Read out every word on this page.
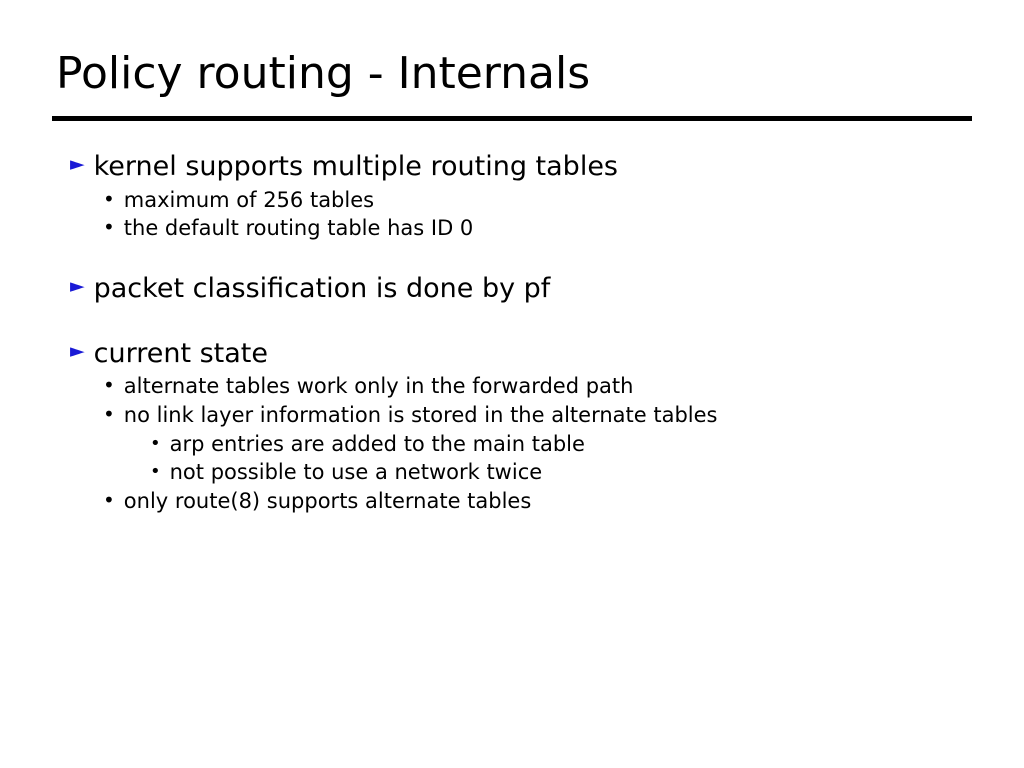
Policy routing - Internals
► kernel supports multiple routing tables
• maximum of 256 tables
• the default routing table has ID 0
► packet classification is done by pf
► current state
• alternate tables work only in the forwarded path
• no link layer information is stored in the alternate tables
• arp entries are added to the main table
• not possible to use a network twice
• only route(8) supports alternate tables
